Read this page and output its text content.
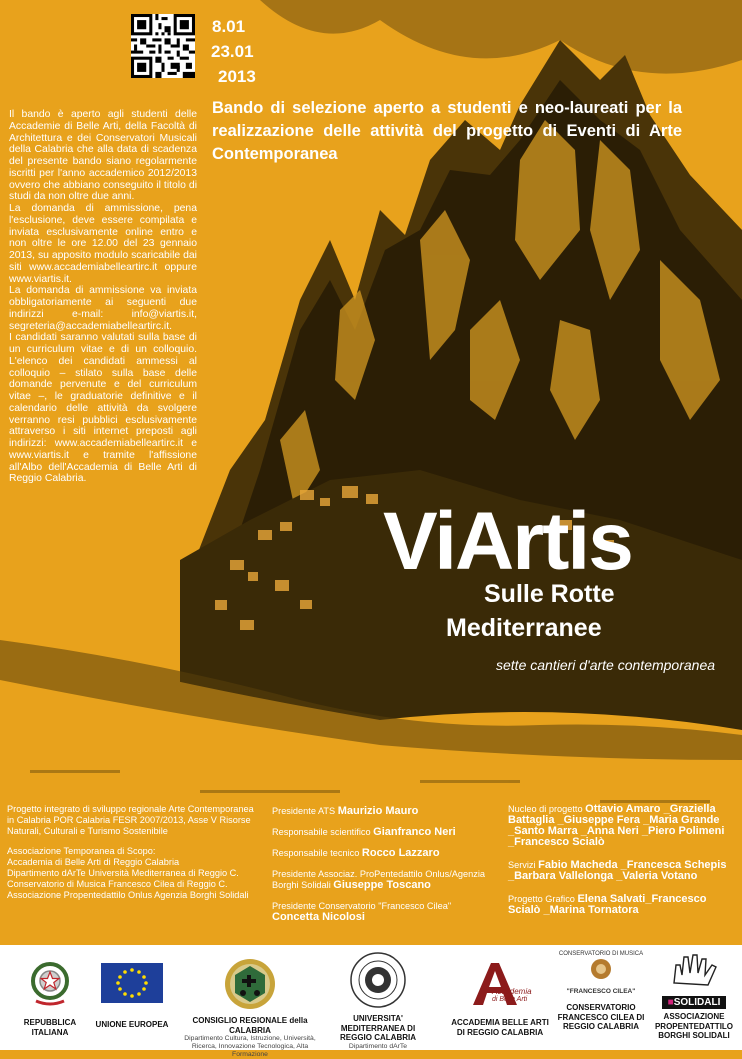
8.01
23.01
2013
Bando di selezione aperto a studenti e neo-laureati per la realizzazione delle attività del progetto di Eventi di Arte Contemporanea

Il bando è aperto agli studenti delle Accademie di Belle Arti, della Facoltà di Architettura e dei Conservatori Musicali della Calabria che alla data di scadenza del presente bando siano regolarmente iscritti per l'anno accademico 2012/2013 ovvero che abbiano conseguito il titolo di studi da non oltre due anni.

La domanda di ammissione, pena l'esclusione, deve essere compilata e inviata esclusivamente online entro e non oltre le ore 12.00 del 23 gennaio 2013, su apposito modulo scaricabile dai siti www.accademiabelleartirc.it oppure www.viartis.it.

La domanda di ammissione va inviata obbligatoriamente ai seguenti due indirizzi e-mail: info@viartis.it, segreteria@accademiabelleartirc.it.

I candidati saranno valutati sulla base di un curriculum vitae e di un colloquio. L'elenco dei candidati ammessi al colloquio – stilato sulla base delle domande pervenute e del curriculum vitae –, le graduatorie definitive e il calendario delle attività da svolgere verranno resi pubblici esclusivamente attraverso i siti internet preposti agli indirizzi: www.accademiabelleartirc.it e www.viartis.it e tramite l'affissione all'Albo dell'Accademia di Belle Arti di Reggio Calabria.

ViArtis
Sulle Rotte
Mediterranee
sette cantieri d'arte contemporanea

Progetto integrato di sviluppo regionale Arte Contemporanea in Calabria POR Calabria FESR 2007/2013, Asse V Risorse Naturali, Culturali e Turismo Sostenibile

Associazione Temporanea di Scopo:
Accademia di Belle Arti di Reggio Calabria
Dipartimento dArTe Università Mediterranea di Reggio C.
Conservatorio di Musica Francesco Cilea di Reggio C.
Associazione Propentedattilo Onlus Agenzia Borghi Solidali
Presidente ATS Maurizio Mauro
Responsabile scientifico Gianfranco Neri
Responsabile tecnico Rocco Lazzaro
Presidente Associaz. ProPentedattilo Onlus/Agenzia Borghi Solidali Giuseppe Toscano
Presidente Conservatorio "Francesco Cilea" Concetta Nicolosi
Nucleo di progetto Ottavio Amaro _Graziella Battaglia _Giuseppe Fera _Maria Grande _Santo Marra _Anna Neri _Piero Polimeni _Francesco Scialò
Servizi Fabio Macheda _Francesca Schepis _Barbara Vallelonga _Valeria Votano
Progetto Grafico Elena Salvati_Francesco Scialò _Marina Tornatora
REPUBBLICA ITALIANA
UNIONE EUROPEA	CONSIGLIO REGIONALE della CALABRIA
Dipartimento Cultura, Istruzione, Università, Ricerca, Innovazione Tecnologica, Alta Formazione
UNIVERSITA' MEDITERRANEA DI REGGIO CALABRIA
Dipartimento dArTe
Accademia
di Belle Arti
ACCADEMIA BELLE ARTI DI REGGIO CALABRIA
CONSERVATORIO DI MUSICA
"FRANCESCO CILEA"
CONSERVATORIO FRANCESCO CILEA DI REGGIO CALABRIA
■SOLIDALI
ASSOCIAZIONE PROPENTEDATTILO BORGHI SOLIDALI
